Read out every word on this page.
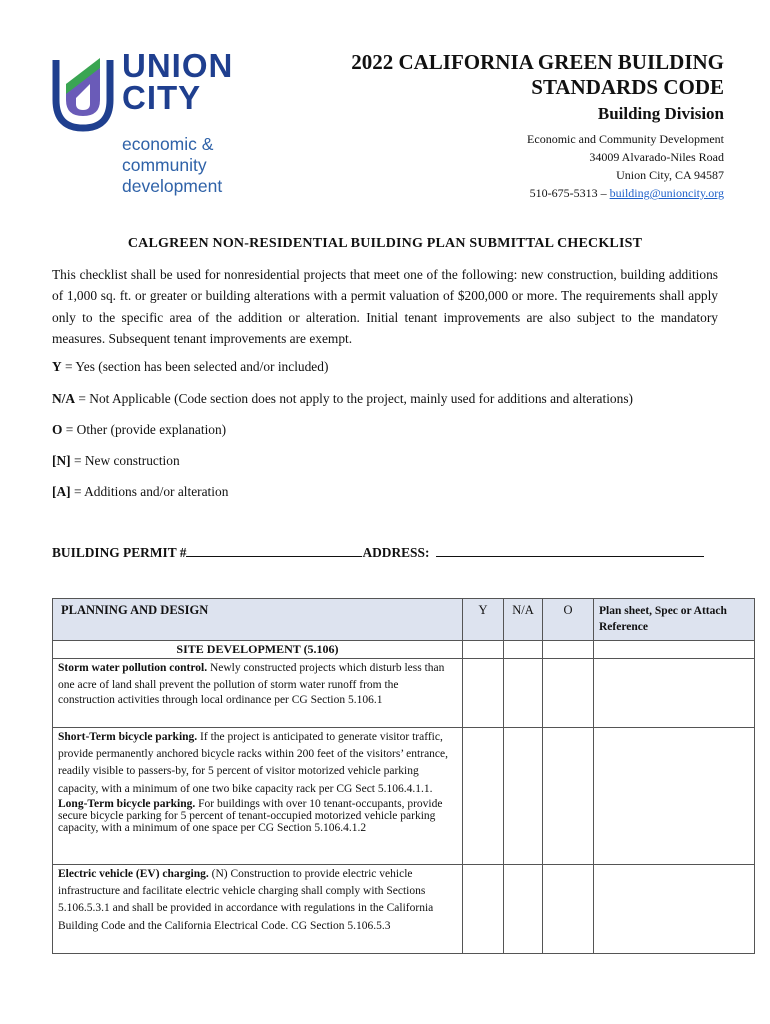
UNION
CITY
economic &
community
development
2022 CALIFORNIA GREEN BUILDING
STANDARDS CODE
Building Division
Economic and Community Development
34009 Alvarado-Niles Road
Union City, CA 94587
510-675-5313 – building@unioncity.org
CALGREEN NON-RESIDENTIAL BUILDING PLAN SUBMITTAL CHECKLIST
This checklist shall be used for nonresidential projects that meet one of the following: new construction, building additions of 1,000 sq. ft. or greater or building alterations with a permit valuation of $200,000 or more. The requirements shall apply only to the specific area of the addition or alteration. Initial tenant improvements are also subject to the mandatory measures. Subsequent tenant improvements are exempt.
Y = Yes (section has been selected and/or included)
N/A = Not Applicable (Code section does not apply to the project, mainly used for additions and alterations)
O = Other (provide explanation)
[N] = New construction
[A] = Additions and/or alteration
BUILDING PERMIT #	ADDRESS:
PLANNING AND DESIGN	Y	N/A	O	Plan sheet, Spec or Attach Reference
SITE DEVELOPMENT (5.106)				
Storm water pollution control. Newly constructed projects which disturb less than one acre of land shall prevent the pollution of storm water runoff from the
construction activities through local ordinance per CG Section 5.106.1				

Short-Term bicycle parking. If the project is anticipated to generate visitor traffic, provide permanently anchored bicycle racks within 200 feet of the visitors’ entrance, readily visible to passers-by, for 5 percent of visitor motorized vehicle parking capacity, with a minimum of one two bike capacity rack per CG Sect 5.106.4.1.1.
Long-Term bicycle parking. For buildings with over 10 tenant-occupants, provide secure bicycle parking for 5 percent of tenant-occupied motorized vehicle parking capacity, with a minimum of one space per CG Section 5.106.4.1.2				

Electric vehicle (EV) charging. (N) Construction to provide electric vehicle infrastructure and facilitate electric vehicle charging shall comply with Sections 5.106.5.3.1 and shall be provided in accordance with regulations in the California Building Code and the California Electrical Code. CG Section 5.106.5.3				
